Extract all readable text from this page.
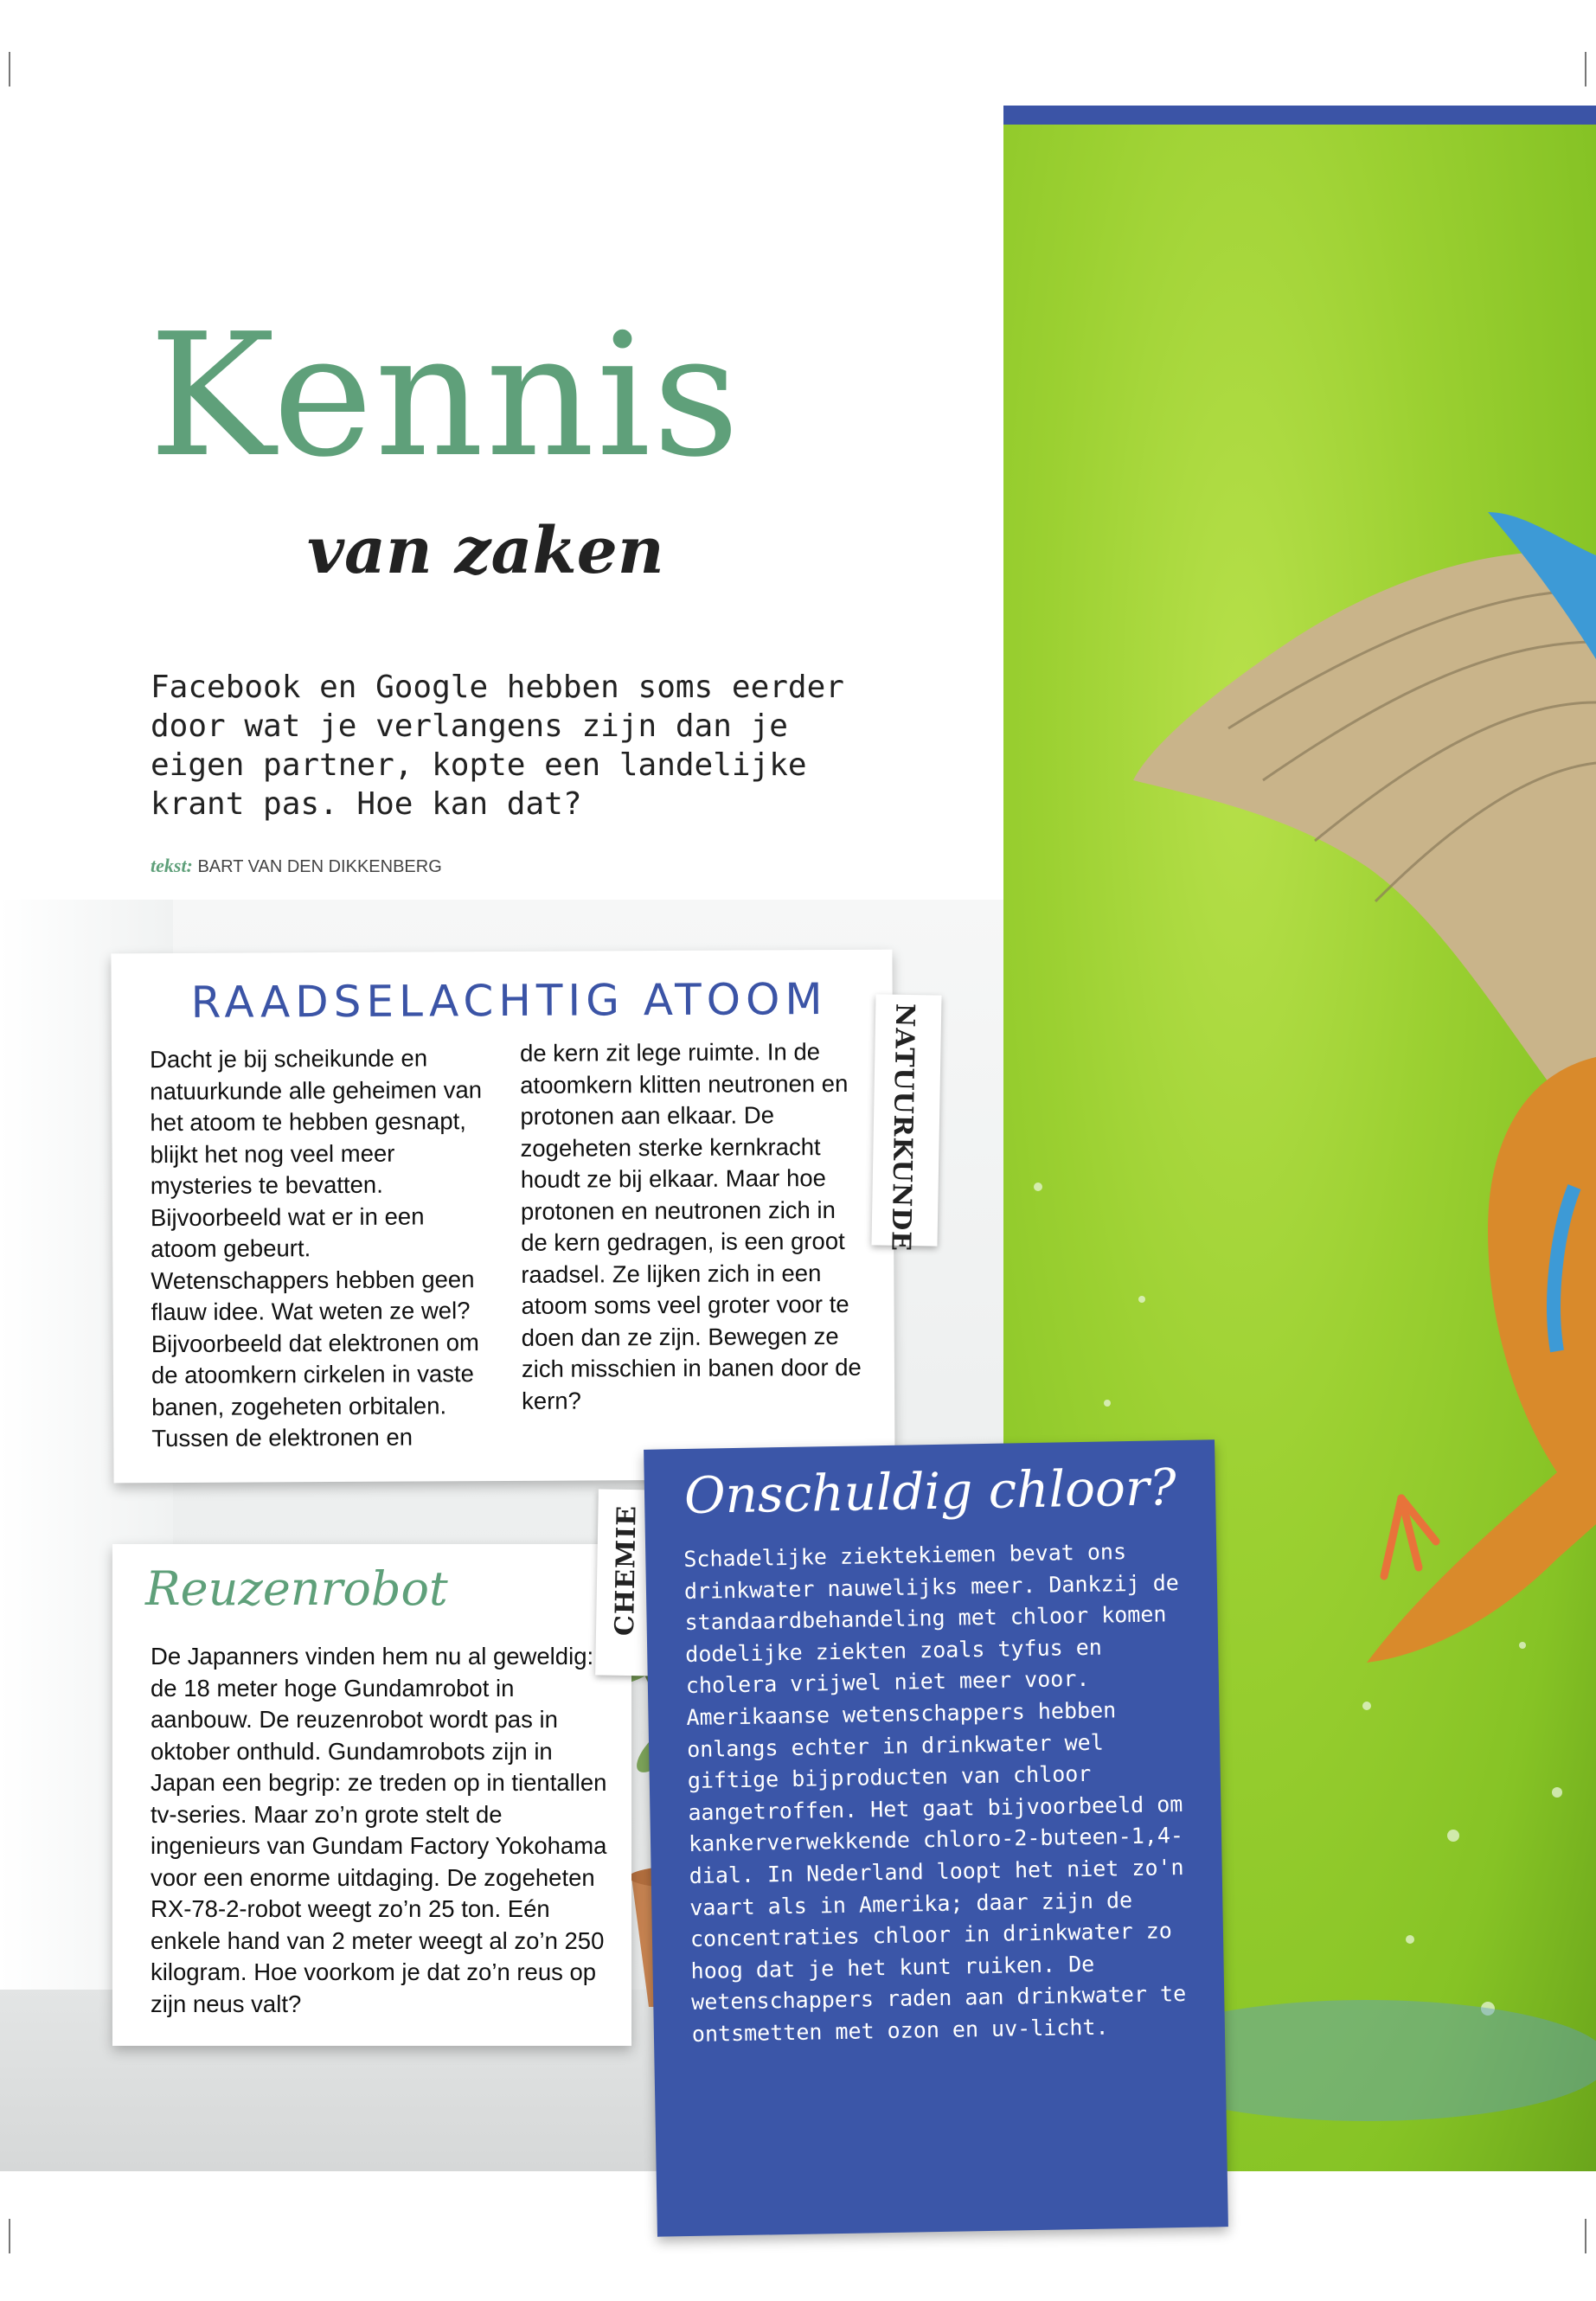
Kennis
van zaken

Facebook en Google hebben soms eerder door wat je verlangens zijn dan je eigen partner, kopte een landelijke krant pas. Hoe kan dat?

tekst: BART VAN DEN DIKKENBERG
RAADSELACHTIG ATOOM

Dacht je bij scheikunde en natuurkunde alle geheimen van het atoom te hebben gesnapt, blijkt het nog veel meer mysteries te bevatten. Bijvoorbeeld wat er in een atoom gebeurt. Wetenschappers hebben geen flauw idee. Wat weten ze wel? Bijvoorbeeld dat elektronen om de atoomkern cirkelen in vaste banen, zogeheten orbitalen. Tussen de elektronen en

de kern zit lege ruimte. In de atoomkern klitten neutronen en protonen aan elkaar. De zogeheten sterke kernkracht houdt ze bij elkaar. Maar hoe protonen en neutronen zich in de kern gedragen, is een groot raadsel. Ze lijken zich in een atoom soms veel groter voor te doen dan ze zijn. Bewegen ze zich misschien in banen door de kern?

NATUURKUNDE
Reuzenrobot

De Japanners vinden hem nu al geweldig: de 18 meter hoge Gundamrobot in aanbouw. De reuzenrobot wordt pas in oktober onthuld. Gundamrobots zijn in Japan een begrip: ze treden op in tientallen tv-series. Maar zo’n grote stelt de ingenieurs van Gundam Factory Yokohama voor een enorme uitdaging. De zogeheten RX-78-2-robot weegt zo’n 25 ton. Eén enkele hand van 2 meter weegt al zo’n 250 kilogram. Hoe voorkom je dat zo’n reus op zijn neus valt?

CHEMIE
Onschuldig chloor?

Schadelijke ziektekiemen bevat ons drinkwater nauwelijks meer. Dankzij de standaardbehandeling met chloor komen dodelijke ziekten zoals tyfus en cholera vrijwel niet meer voor. Amerikaanse wetenschappers hebben onlangs echter in drinkwater wel giftige bijproducten van chloor aangetroffen. Het gaat bijvoorbeeld om kankerverwekkende chloro-2-buteen-1,4-dial. In Nederland loopt het niet zo'n vaart als in Amerika; daar zijn de concentraties chloor in drinkwater zo hoog dat je het kunt ruiken. De wetenschappers raden aan drinkwater te ontsmetten met ozon en uv-licht.
